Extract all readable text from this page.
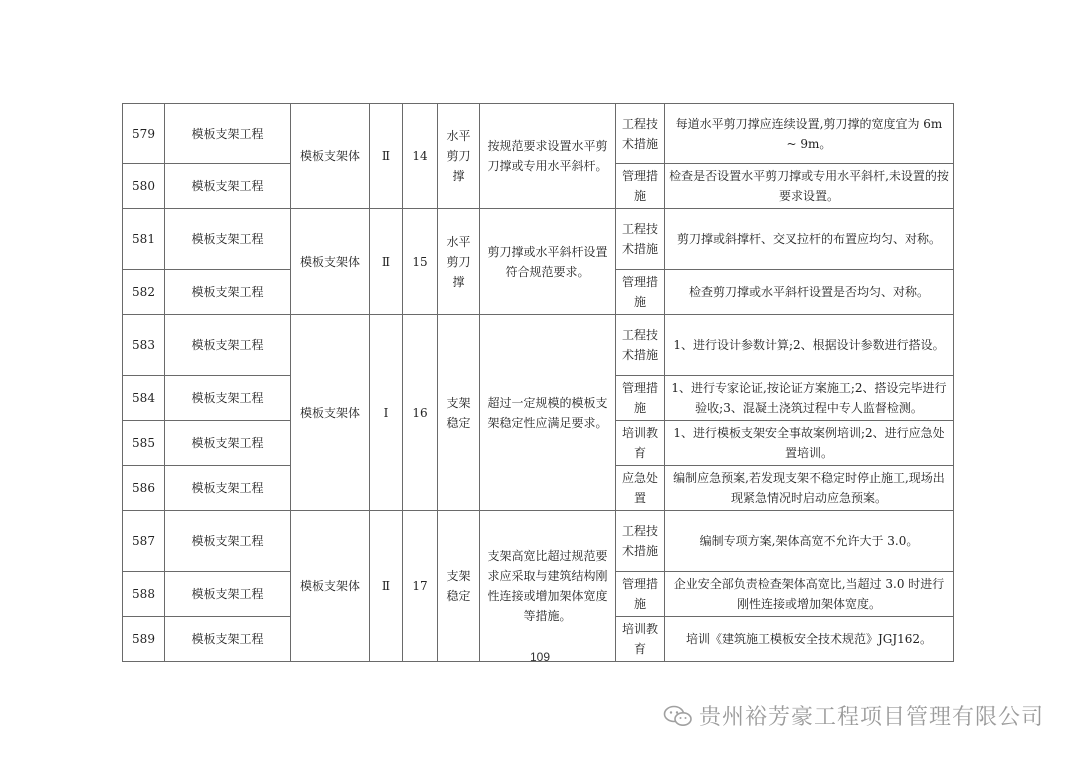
579	模板支架工程	模板支架体	Ⅱ	14	水平剪刀撑	按规范要求设置水平剪刀撑或专用水平斜杆。	工程技术措施	每道水平剪刀撑应连续设置,剪刀撑的宽度宜为 6m ~ 9m。
580	模板支架工程						管理措施	检查是否设置水平剪刀撑或专用水平斜杆,未设置的按要求设置。
581	模板支架工程	模板支架体	Ⅱ	15	水平剪刀撑	剪刀撑或水平斜杆设置符合规范要求。	工程技术措施	剪刀撑或斜撑杆、交叉拉杆的布置应均匀、对称。
582	模板支架工程						管理措施	检查剪刀撑或水平斜杆设置是否均匀、对称。
583	模板支架工程	模板支架体	Ⅰ	16	支架稳定	超过一定规模的模板支架稳定性应满足要求。	工程技术措施	1、进行设计参数计算;2、根据设计参数进行搭设。
584	模板支架工程						管理措施	1、进行专家论证,按论证方案施工;2、搭设完毕进行验收;3、混凝土浇筑过程中专人监督检测。
585	模板支架工程						培训教育	1、进行模板支架安全事故案例培训;2、进行应急处置培训。
586	模板支架工程						应急处置	编制应急预案,若发现支架不稳定时停止施工,现场出现紧急情况时启动应急预案。
587	模板支架工程	模板支架体	Ⅱ	17	支架稳定	支架高宽比超过规范要求应采取与建筑结构刚性连接或增加架体宽度等措施。	工程技术措施	编制专项方案,架体高宽不允许大于 3.0。
588	模板支架工程						管理措施	企业安全部负责检查架体高宽比,当超过 3.0 时进行刚性连接或增加架体宽度。
589	模板支架工程						培训教育	培训《建筑施工模板安全技术规范》JGJ162。
109
贵州裕芳豪工程项目管理有限公司
